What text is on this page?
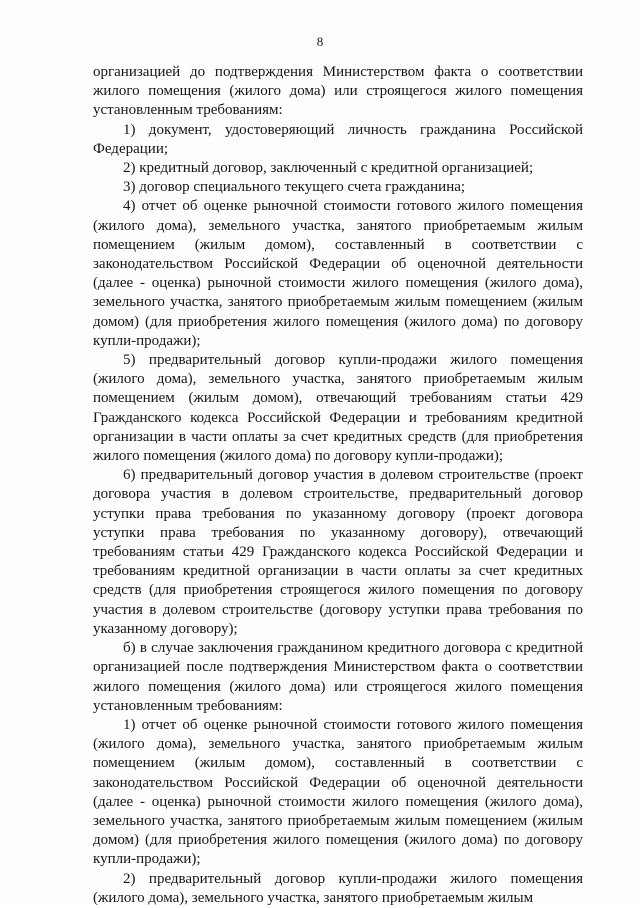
8

организацией до подтверждения Министерством факта о соответствии жилого помещения (жилого дома) или строящегося жилого помещения установленным требованиям:

1) документ, удостоверяющий личность гражданина Российской Федерации;

2) кредитный договор, заключенный с кредитной организацией;

3) договор специального текущего счета гражданина;

4) отчет об оценке рыночной стоимости готового жилого помещения (жилого дома), земельного участка, занятого приобретаемым жилым помещением (жилым домом), составленный в соответствии с законодательством Российской Федерации об оценочной деятельности (далее - оценка) рыночной стоимости жилого помещения (жилого дома), земельного участка, занятого приобретаемым жилым помещением (жилым домом) (для приобретения жилого помещения (жилого дома) по договору купли-продажи);

5) предварительный договор купли-продажи жилого помещения (жилого дома), земельного участка, занятого приобретаемым жилым помещением (жилым домом), отвечающий требованиям статьи 429 Гражданского кодекса Российской Федерации и требованиям кредитной организации в части оплаты за счет кредитных средств (для приобретения жилого помещения (жилого дома) по договору купли-продажи);

6) предварительный договор участия в долевом строительстве (проект договора участия в долевом строительстве, предварительный договор уступки права требования по указанному договору (проект договора уступки права требования по указанному договору), отвечающий требованиям статьи 429 Гражданского кодекса Российской Федерации и требованиям кредитной организации в части оплаты за счет кредитных средств (для приобретения строящегося жилого помещения по договору участия в долевом строительстве (договору уступки права требования по указанному договору);

б) в случае заключения гражданином кредитного договора с кредитной организацией после подтверждения Министерством факта о соответствии жилого помещения (жилого дома) или строящегося жилого помещения установленным требованиям:

1) отчет об оценке рыночной стоимости готового жилого помещения (жилого дома), земельного участка, занятого приобретаемым жилым помещением (жилым домом), составленный в соответствии с законодательством Российской Федерации об оценочной деятельности (далее - оценка) рыночной стоимости жилого помещения (жилого дома), земельного участка, занятого приобретаемым жилым помещением (жилым домом) (для приобретения жилого помещения (жилого дома) по договору купли-продажи);

2) предварительный договор купли-продажи жилого помещения (жилого дома), земельного участка, занятого приобретаемым жилым
